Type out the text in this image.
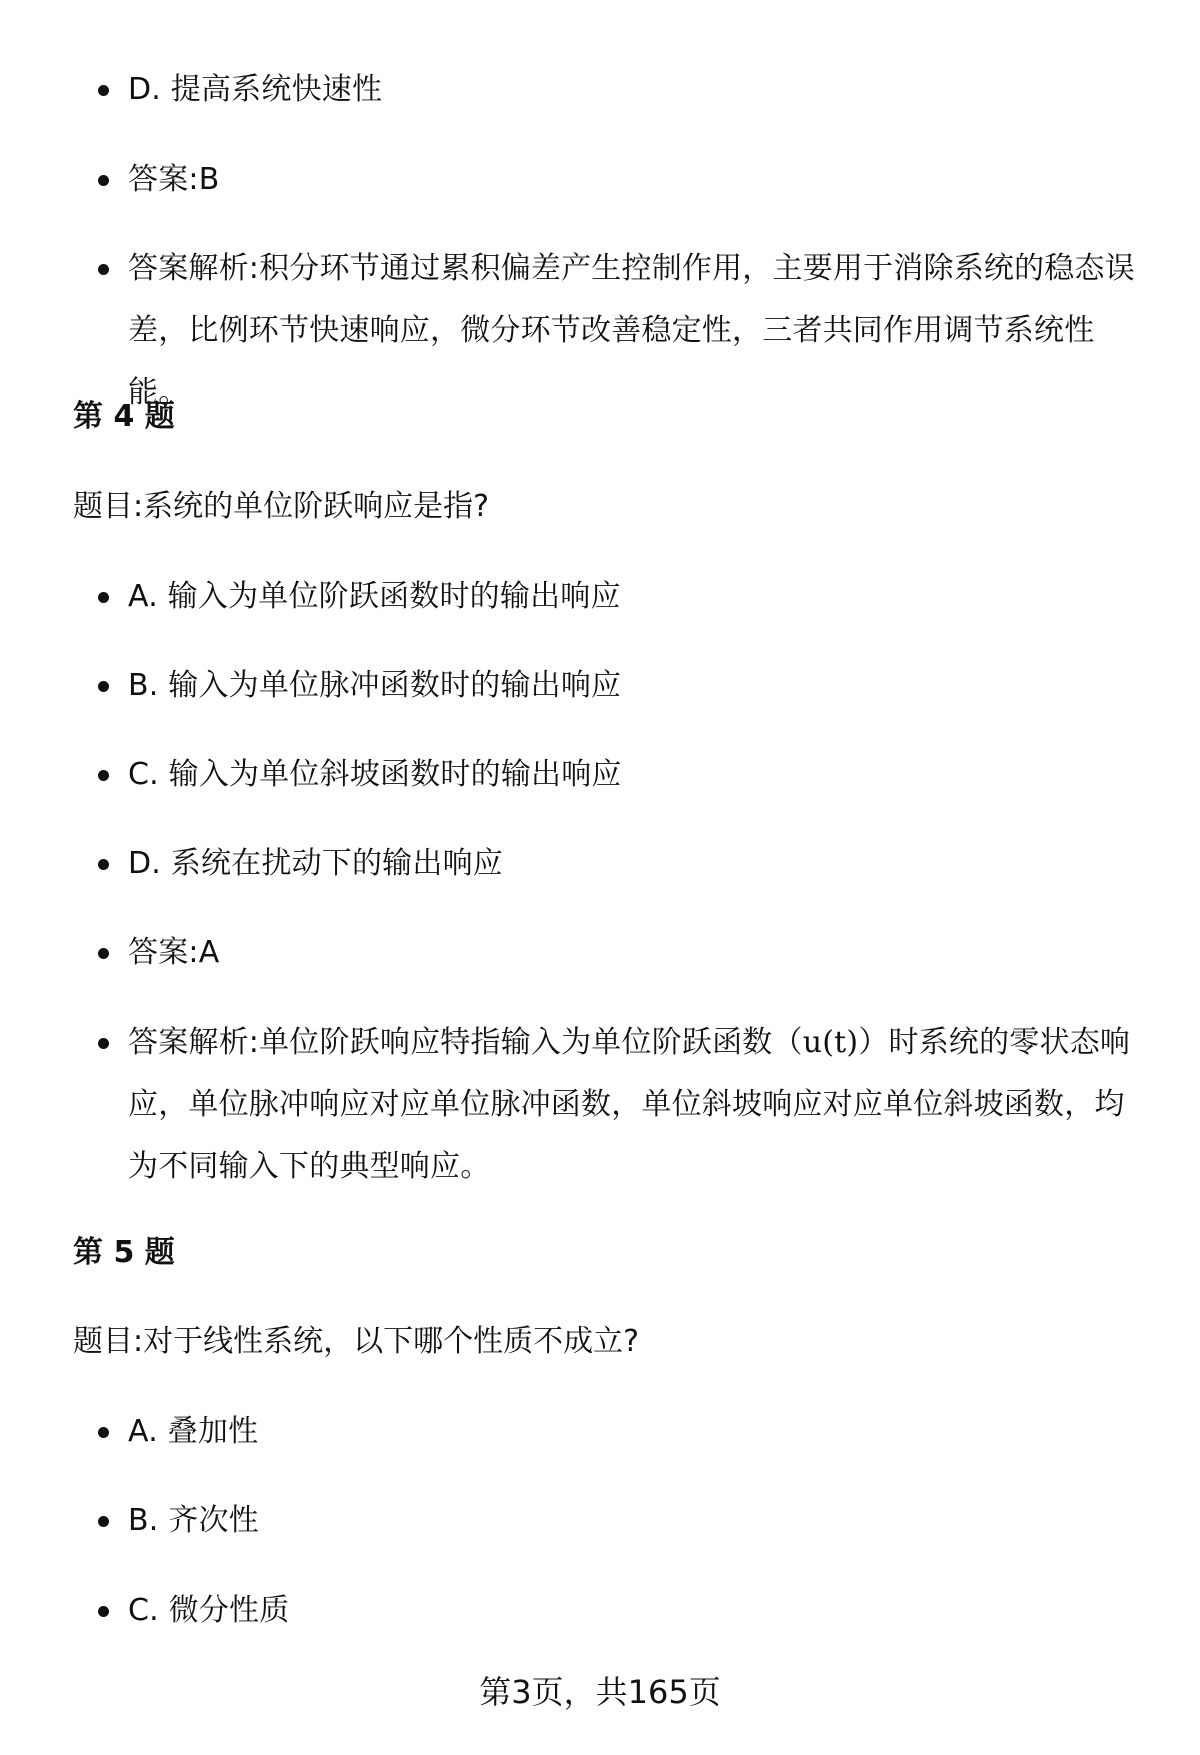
D. 提高系统快速性
答案:B
答案解析:积分环节通过累积偏差产生控制作用，主要用于消除系统的稳态误差，比例环节快速响应，微分环节改善稳定性，三者共同作用调节系统性能。
第 4 题
题目:系统的单位阶跃响应是指?
A. 输入为单位阶跃函数时的输出响应
B. 输入为单位脉冲函数时的输出响应
C. 输入为单位斜坡函数时的输出响应
D. 系统在扰动下的输出响应
答案:A
答案解析:单位阶跃响应特指输入为单位阶跃函数（u(t)）时系统的零状态响应，单位脉冲响应对应单位脉冲函数，单位斜坡响应对应单位斜坡函数，均为不同输入下的典型响应。
第 5 题
题目:对于线性系统，以下哪个性质不成立?
A. 叠加性
B. 齐次性
C. 微分性质
第3页，共165页
